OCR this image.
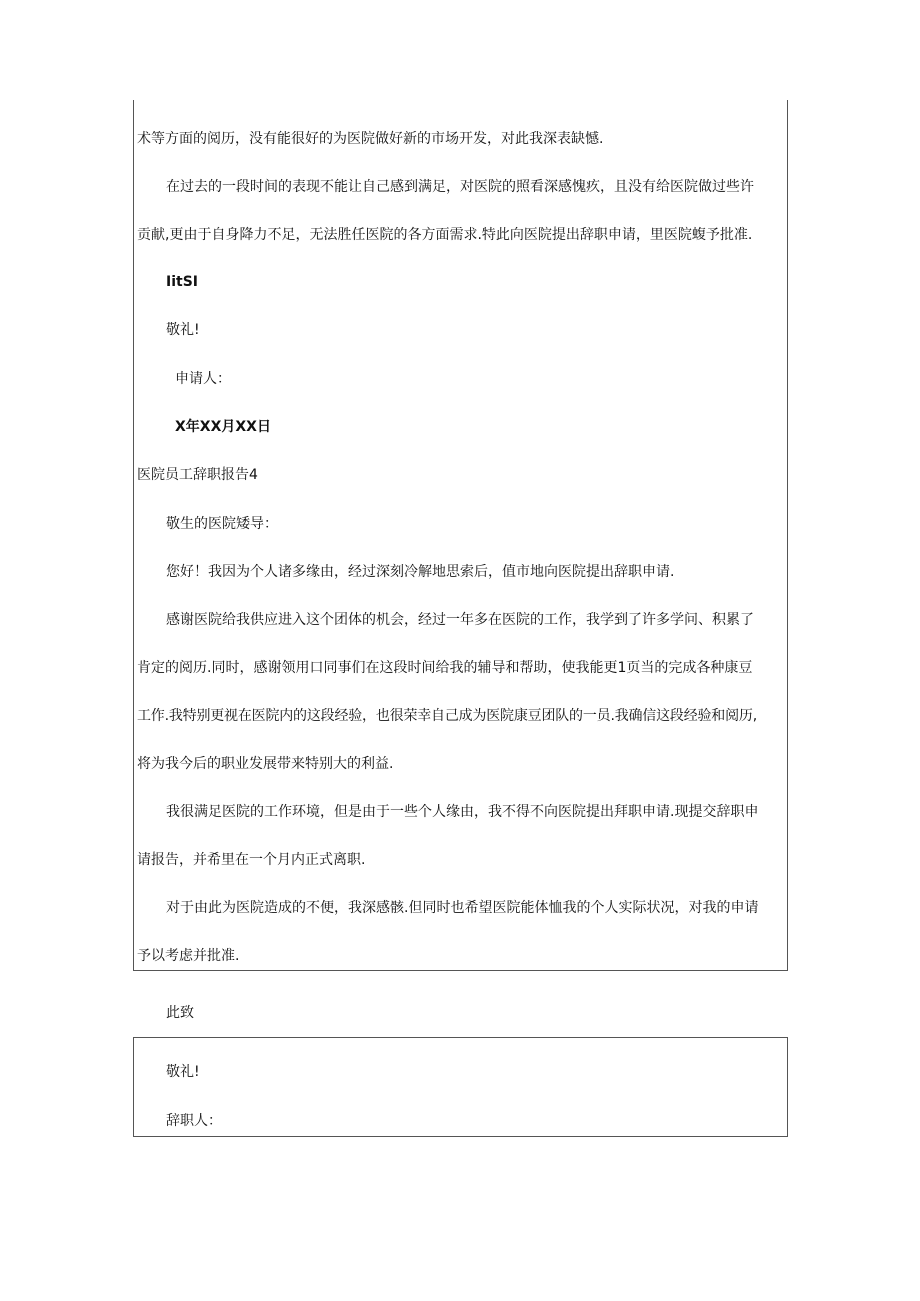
术等方面的阅历，没有能很好的为医院做好新的市场开发，对此我深表缺憾.
在过去的一段时间的表现不能让自己感到满足，对医院的照看深感愧疚，且没有给医院做过些许
贡献,更由于自身降力不足，无法胜任医院的各方面需求.特此向医院提出辞职申请，里医院蝮予批准.
IitSI
敬礼!
申请人：
X年XX月XX日
医院员工辞职报告4
敬生的医院矮导：
您好！我因为个人诸多缘由，经过深刻冷解地思索后，值市地向医院提出辞职申请.
感谢医院给我供应进入这个团体的机会，经过一年多在医院的工作，我学到了许多学问、积累了
肯定的阅历.同时，感谢领用口同事们在这段时间给我的辅导和帮助，使我能更1页当的完成各种康豆
工作.我特别更视在医院内的这段经验，也很荣幸自己成为医院康豆团队的一员.我确信这段经验和阅历,
将为我今后的职业发展带来特别大的利益.
我很满足医院的工作环境，但是由于一些个人缘由，我不得不向医院提出拜职申请.现提交辞职申
请报告，并希里在一个月内正式离职.
对于由此为医院造成的不便，我深感骸.但同时也希望医院能体恤我的个人实际状况，对我的申请
予以考虑并批准.
此致
敬礼!
辞职人：
